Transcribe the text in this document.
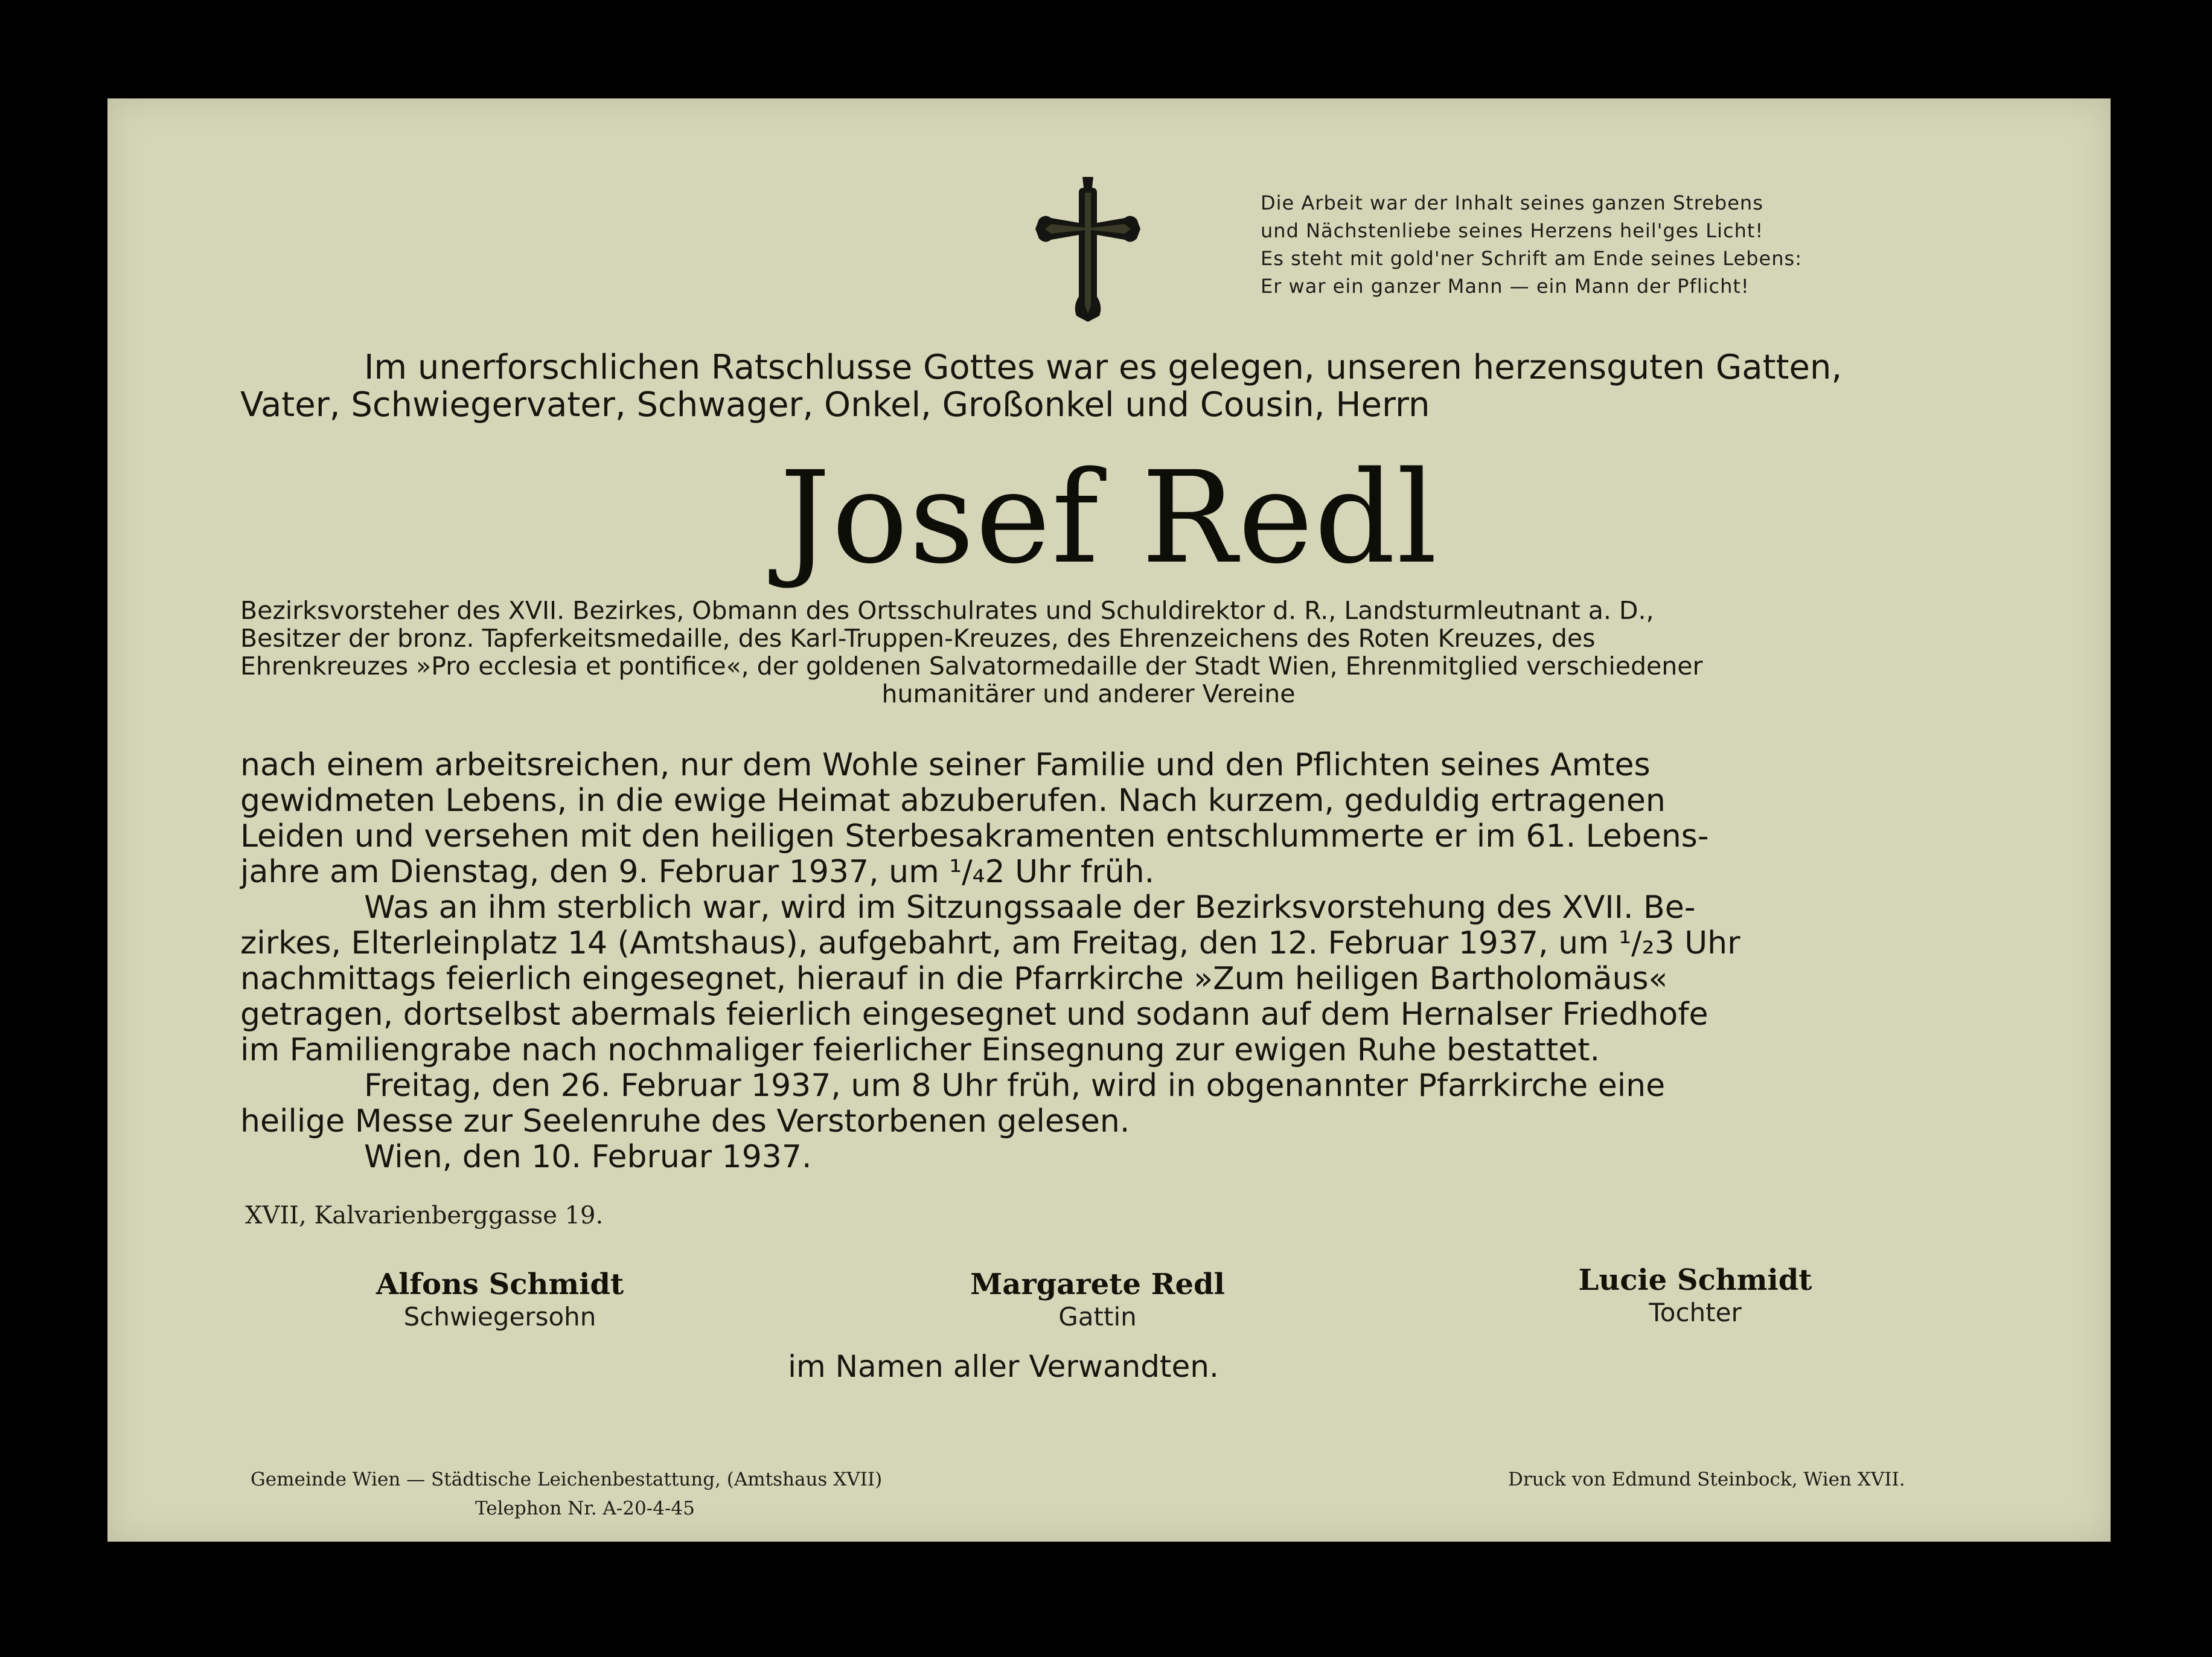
Die Arbeit war der Inhalt seines ganzen Strebens
und Nächstenliebe seines Herzens heil'ges Licht!
Es steht mit gold'ner Schrift am Ende seines Lebens:
Er war ein ganzer Mann — ein Mann der Pflicht!
Im unerforschlichen Ratschlusse Gottes war es gelegen, unseren herzensguten Gatten,
Vater, Schwiegervater, Schwager, Onkel, Großonkel und Cousin, Herrn
Josef Redl
Bezirksvorsteher des XVII. Bezirkes, Obmann des Ortsschulrates und Schuldirektor d. R., Landsturmleutnant a. D.,
Besitzer der bronz. Tapferkeitsmedaille, des Karl-Truppen-Kreuzes, des Ehrenzeichens des Roten Kreuzes, des
Ehrenkreuzes »Pro ecclesia et pontifice«, der goldenen Salvatormedaille der Stadt Wien, Ehrenmitglied verschiedener
humanitärer und anderer Vereine
nach einem arbeitsreichen, nur dem Wohle seiner Familie und den Pflichten seines Amtes
gewidmeten Lebens, in die ewige Heimat abzuberufen. Nach kurzem, geduldig ertragenen
Leiden und versehen mit den heiligen Sterbesakramenten entschlummerte er im 61. Lebens-
jahre am Dienstag, den 9. Februar 1937, um ¹/₄2 Uhr früh.
Was an ihm sterblich war, wird im Sitzungssaale der Bezirksvorstehung des XVII. Be-
zirkes, Elterleinplatz 14 (Amtshaus), aufgebahrt, am Freitag, den 12. Februar 1937, um ¹/₂3 Uhr
nachmittags feierlich eingesegnet, hierauf in die Pfarrkirche »Zum heiligen Bartholomäus«
getragen, dortselbst abermals feierlich eingesegnet und sodann auf dem Hernalser Friedhofe
im Familiengrabe nach nochmaliger feierlicher Einsegnung zur ewigen Ruhe bestattet.
Freitag, den 26. Februar 1937, um 8 Uhr früh, wird in obgenannter Pfarrkirche eine
heilige Messe zur Seelenruhe des Verstorbenen gelesen.
Wien, den 10. Februar 1937.
XVII, Kalvarienberggasse 19.
Alfons Schmidt
Schwiegersohn
Margarete Redl
Gattin
Lucie Schmidt
Tochter
im Namen aller Verwandten.
Gemeinde Wien — Städtische Leichenbestattung, (Amtshaus XVII)
Telephon Nr. A-20-4-45
Druck von Edmund Steinbock, Wien XVII.
